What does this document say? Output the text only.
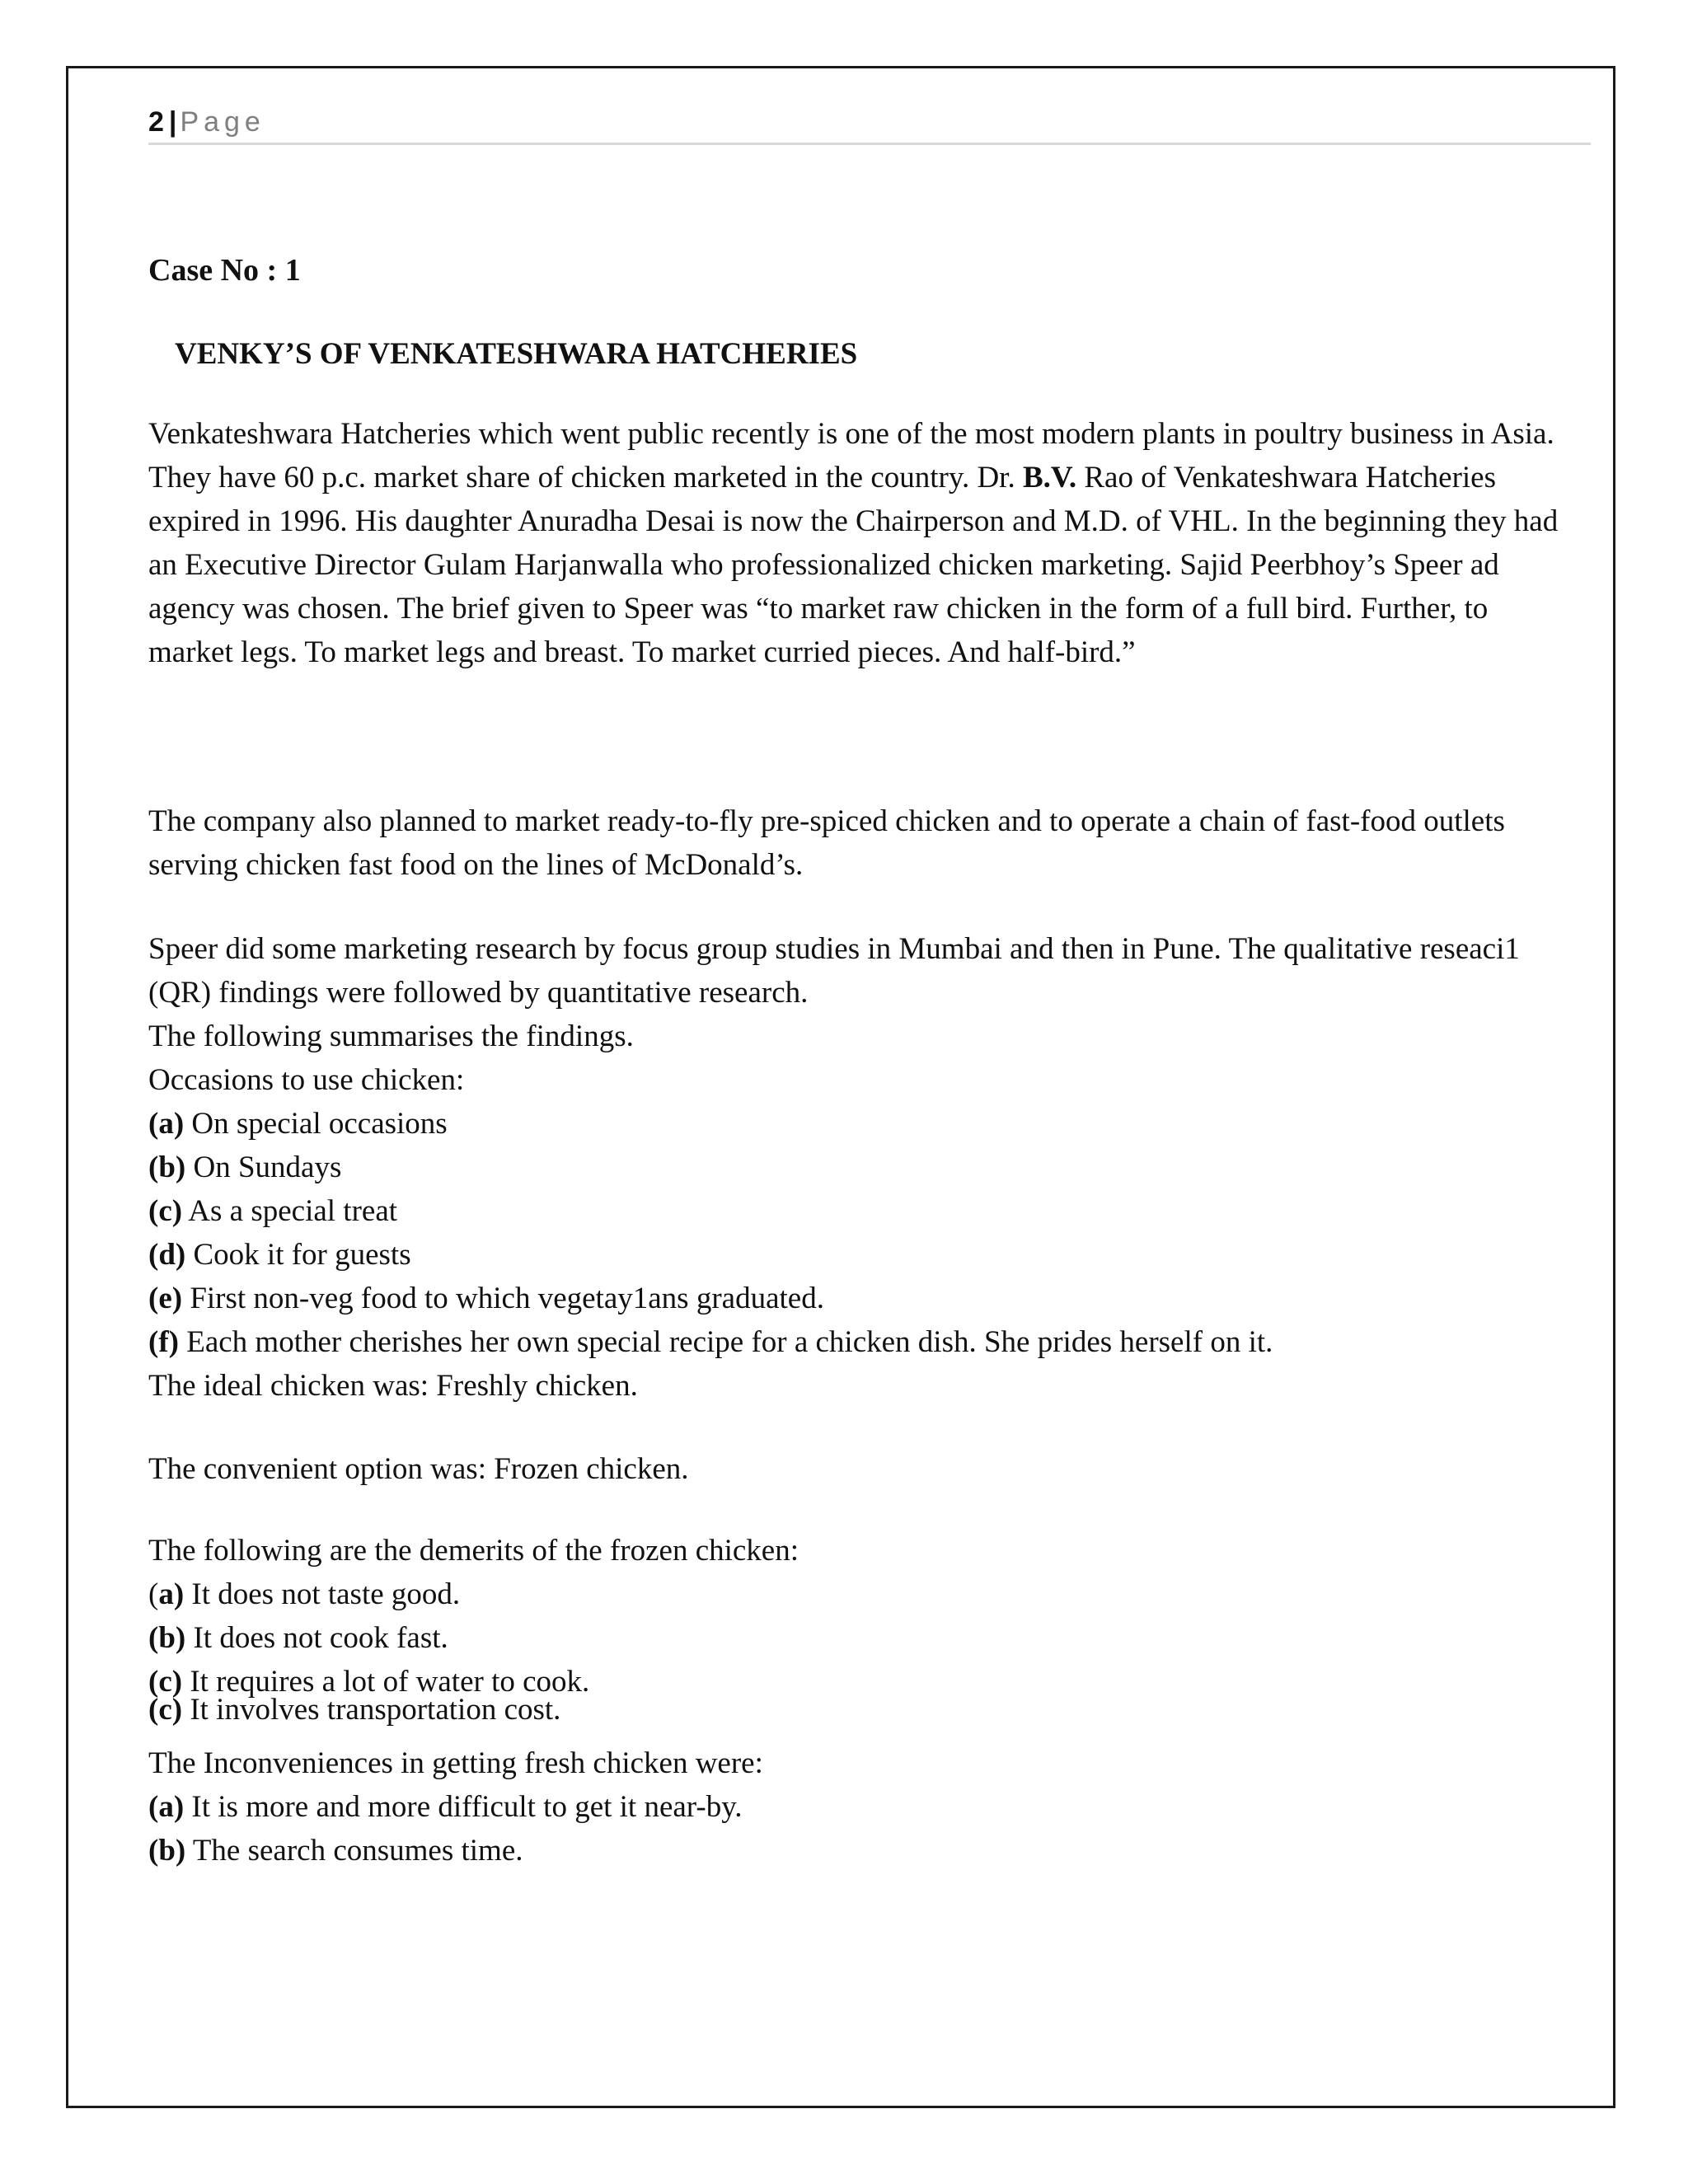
2 | Page
Case No : 1
VENKY’S OF VENKATESHWARA HATCHERIES
Venkateshwara Hatcheries which went public recently is one of the most modern plants in poultry business in Asia. They have 60 p.c. market share of chicken marketed in the country. Dr. B.V. Rao of Venkateshwara Hatcheries expired in 1996. His daughter Anuradha Desai is now the Chairperson and M.D. of VHL. In the beginning they had an Executive Director Gulam Harjanwalla who professionalized chicken marketing. Sajid Peerbhoy’s Speer ad agency was chosen. The brief given to Speer was “to market raw chicken in the form of a full bird. Further, to market legs. To market legs and breast. To market curried pieces. And half-bird.”
The company also planned to market ready-to-fly pre-spiced chicken and to operate a chain of fast-food outlets serving chicken fast food on the lines of McDonald’s.
Speer did some marketing research by focus group studies in Mumbai and then in Pune. The qualitative reseaci1 (QR) findings were followed by quantitative research.
The following summarises the findings.
Occasions to use chicken:
(a) On special occasions
(b) On Sundays
(c) As a special treat
(d) Cook it for guests
(e) First non-veg food to which vegetay1ans graduated.
(f) Each mother cherishes her own special recipe for a chicken dish. She prides herself on it.
The ideal chicken was: Freshly chicken.
The convenient option was: Frozen chicken.
The following are the demerits of the frozen chicken:
(a) It does not taste good.
(b) It does not cook fast.
(c) It requires a lot of water to cook.
(c) It involves transportation cost.
The Inconveniences in getting fresh chicken were:
(a) It is more and more difficult to get it near-by.
(b) The search consumes time.
